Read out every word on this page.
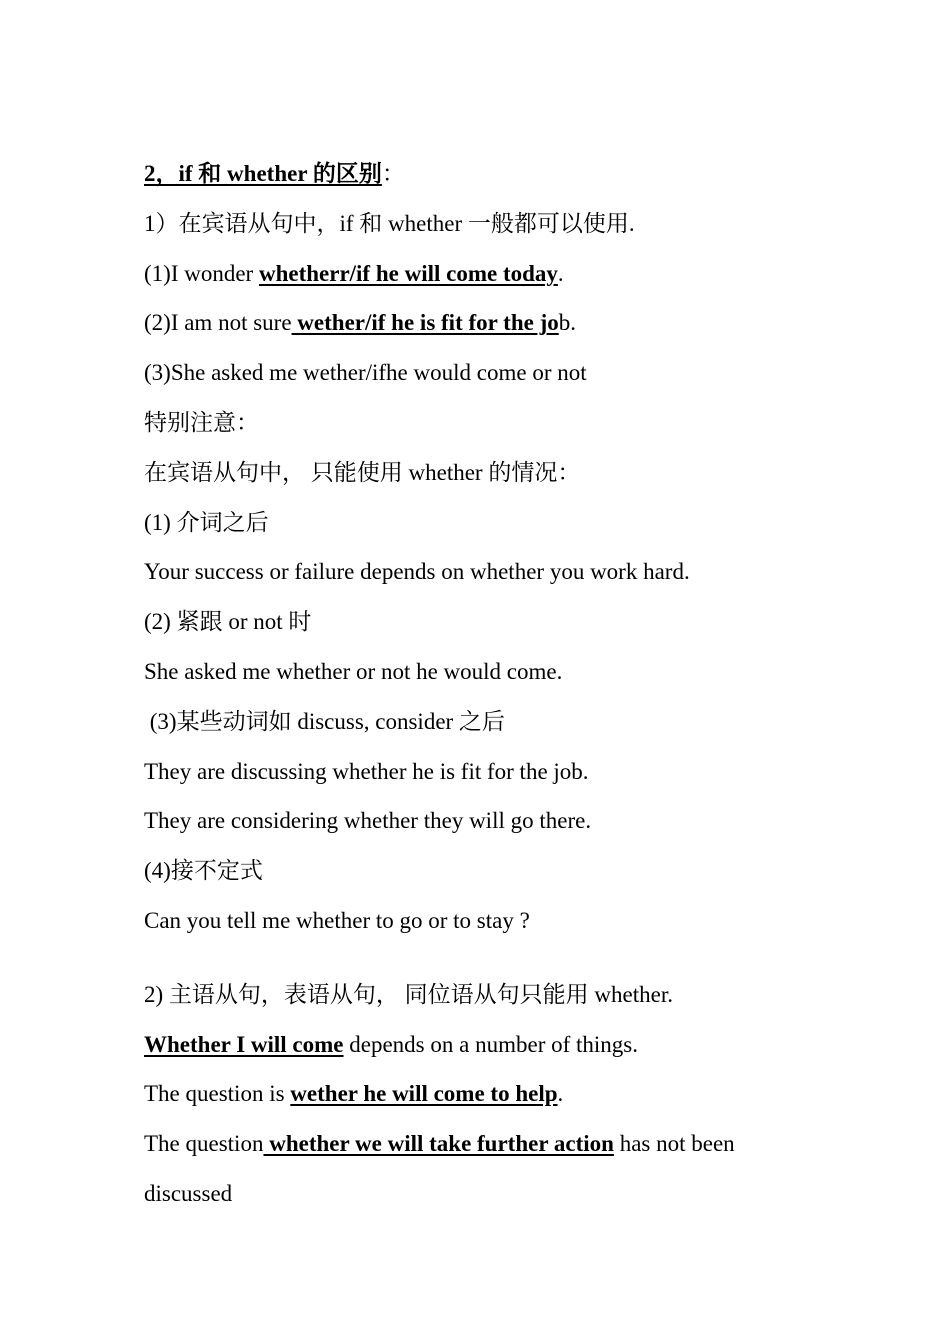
2，if 和 whether 的区别：
1）在宾语从句中，if 和 whether 一般都可以使用.
(1)I wonder whetherr/if he will come today.
(2)I am not sure wether/if he is fit for the job.
(3)She asked me wether/ifhe would come or not
特别注意：
在宾语从句中， 只能使用 whether 的情况：
(1) 介词之后
Your success or failure depends on whether you work hard.
(2) 紧跟 or not 时
She asked me whether or not he would come.
(3)某些动词如 discuss, consider 之后
They are discussing whether he is fit for the job.
They are considering whether they will go there.
(4)接不定式
Can you tell me whether to go or to stay ?
2) 主语从句，表语从句， 同位语从句只能用 whether.
Whether I will come depends on a number of things.
The question is wether he will come to help.
The question whether we will take further action has not been
discussed
